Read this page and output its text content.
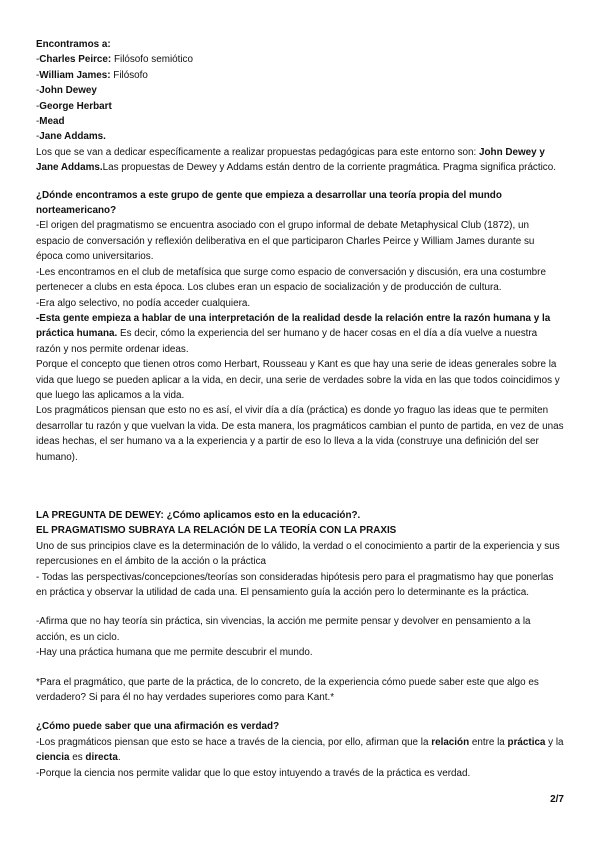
Encontramos a:

-Charles Peirce: Filósofo semiótico

-William James: Filósofo

-John Dewey

-George Herbart

-Mead

-Jane Addams.

Los que se van a dedicar específicamente a realizar propuestas pedagógicas para este entorno son: John Dewey y Jane Addams.Las propuestas de Dewey y Addams están dentro de la corriente pragmática. Pragma significa práctico.

¿Dónde encontramos a este grupo de gente que empieza a desarrollar una teoría propia del mundo norteamericano?

-El origen del pragmatismo se encuentra asociado con el grupo informal de debate Metaphysical Club (1872), un espacio de conversación y reflexión deliberativa en el que participaron Charles Peirce y William James durante su época como universitarios.

-Les encontramos en el club de metafísica que surge como espacio de conversación y discusión, era una costumbre pertenecer a clubs en esta época. Los clubes eran un espacio de socialización y de producción de cultura.

-Era algo selectivo, no podía acceder cualquiera.

-Esta gente empieza a hablar de una interpretación de la realidad desde la relación entre la razón humana y la práctica humana. Es decir, cómo la experiencia del ser humano y de hacer cosas en el día a día vuelve a nuestra razón y nos permite ordenar ideas.

Porque el concepto que tienen otros como Herbart, Rousseau y Kant es que hay una serie de ideas generales sobre la vida que luego se pueden aplicar a la vida, en decir, una serie de verdades sobre la vida en las que todos coincidimos y que luego las aplicamos a la vida.

Los pragmáticos piensan que esto no es así, el vivir día a día (práctica) es donde yo fraguo las ideas que te permiten desarrollar tu razón y que vuelvan la vida. De esta manera, los pragmáticos cambian el punto de partida, en vez de unas ideas hechas, el ser humano va a la experiencia y a partir de eso lo lleva a la vida (construye una definición del ser humano).

LA PREGUNTA DE DEWEY: ¿Cómo aplicamos esto en la educación?.

EL PRAGMATISMO SUBRAYA LA RELACIÓN DE LA TEORÍA CON LA PRAXIS

Uno de sus principios clave es la determinación de lo válido, la verdad o el conocimiento a partir de la experiencia y sus repercusiones en el ámbito de la acción o la práctica

- Todas las perspectivas/concepciones/teorías son consideradas hipótesis pero para el pragmatismo hay que ponerlas en práctica y observar la utilidad de cada una. El pensamiento guía la acción pero lo determinante es la práctica.

-Afirma que no hay teoría sin práctica, sin vivencias, la acción me permite pensar y devolver en pensamiento a la acción, es un ciclo.

-Hay una práctica humana que me permite descubrir el mundo.

*Para el pragmático, que parte de la práctica, de lo concreto, de la experiencia cómo puede saber este que algo es verdadero? Si para él no hay verdades superiores como para Kant.*

¿Cómo puede saber que una afirmación es verdad?

-Los pragmáticos piensan que esto se hace a través de la ciencia, por ello, afirman que la relación entre la práctica y la ciencia es directa.

-Porque la ciencia nos permite validar que lo que estoy intuyendo a través de la práctica es verdad.

2/7
